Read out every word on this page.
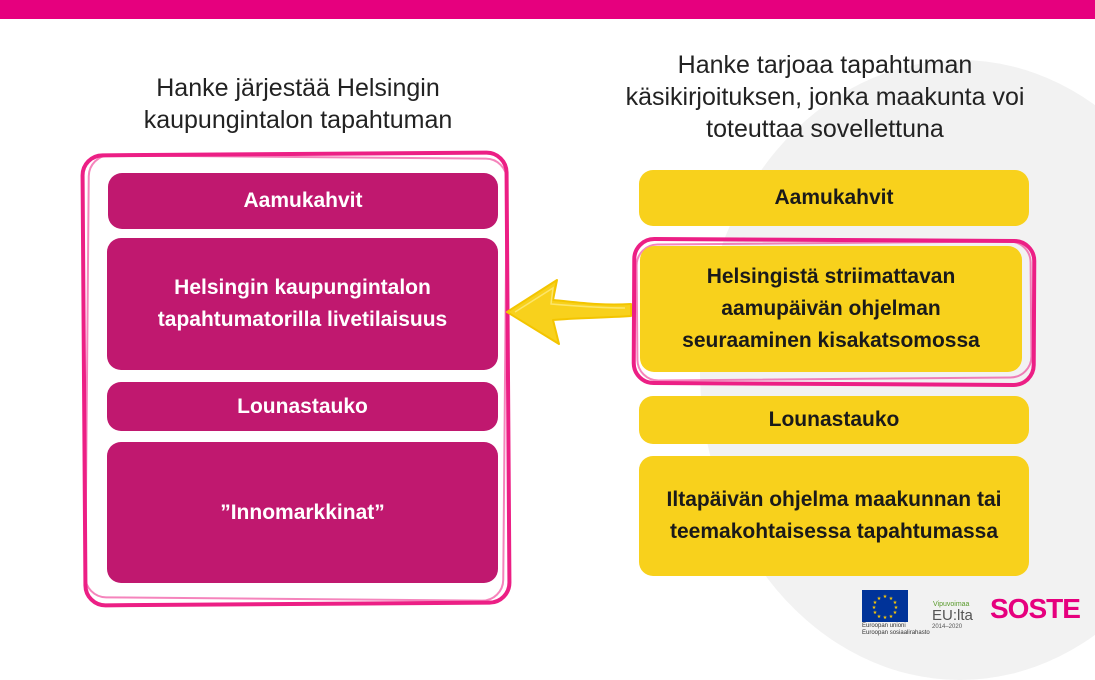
Hanke järjestää Helsingin kaupungintalon tapahtuman
Hanke tarjoaa tapahtuman käsikirjoituksen, jonka maakunta voi toteuttaa sovellettuna
Aamukahvit
Helsingin kaupungintalon tapahtumatorilla livetilaisuus
Lounastauko
”Innomarkkinat”
Aamukahvit
Helsingistä striimattavan aamupäivän ohjelman seuraaminen kisakatsomossa
Lounastauko
Iltapäivän ohjelma maakunnan tai teemakohtaisessa tapahtumassa
★ ★
★
★
★
★
★
★
★
★
★
★
Euroopan unioni
Euroopan sosiaalirahasto
Vipuvoimaa
EU:lta
2014–2020
SOSTE
